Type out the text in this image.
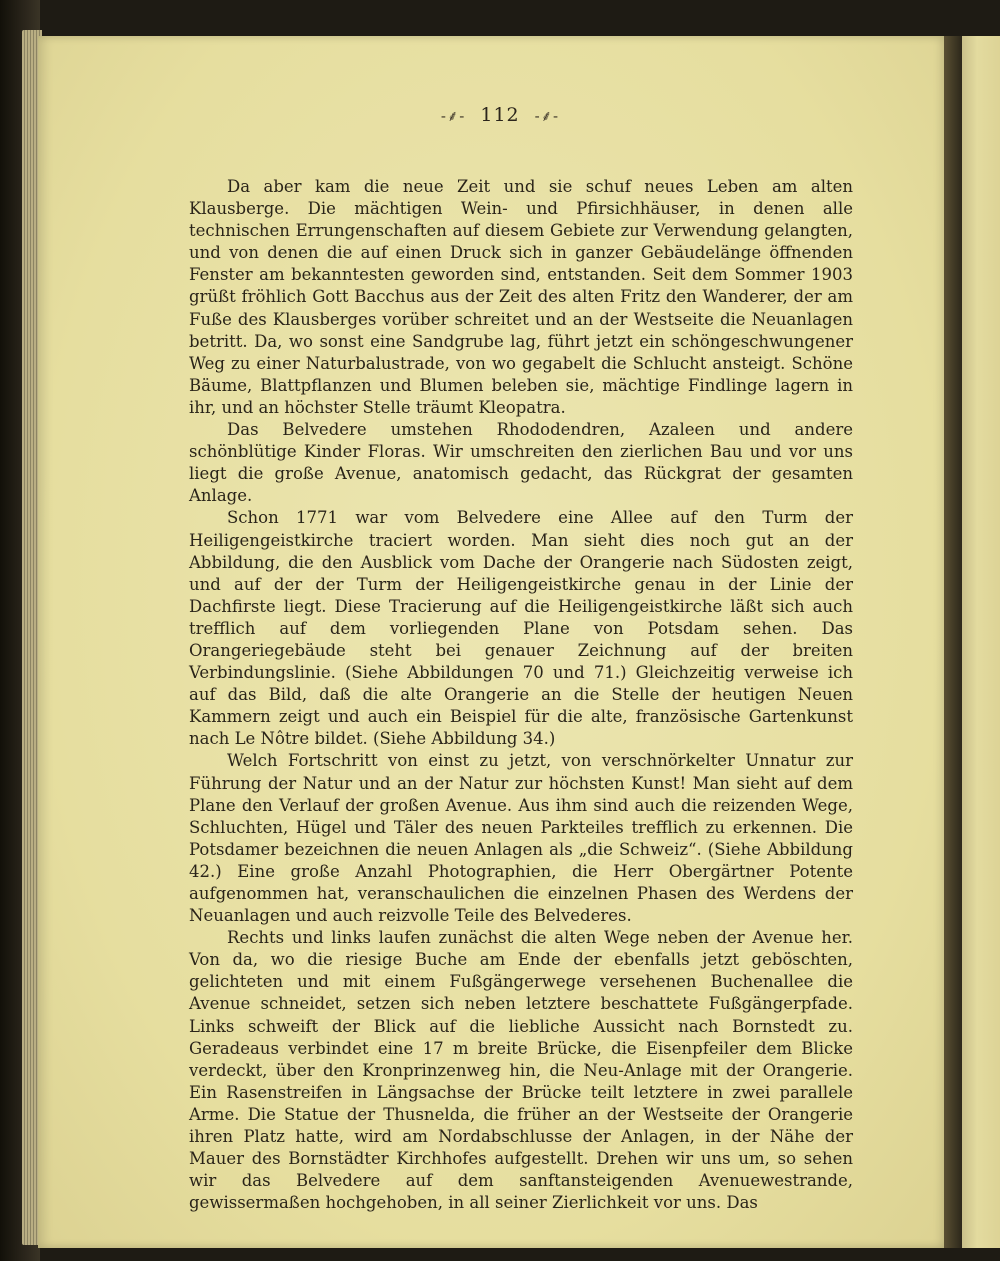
-⸙- 112 -⸙-

Da aber kam die neue Zeit und sie schuf neues Leben am alten Klausberge. Die mächtigen Wein- und Pfirsichhäuser, in denen alle technischen Errungenschaften auf diesem Gebiete zur Verwendung gelangten, und von denen die auf einen Druck sich in ganzer Gebäudelänge öffnenden Fenster am bekanntesten geworden sind, entstanden. Seit dem Sommer 1903 grüßt fröhlich Gott Bacchus aus der Zeit des alten Fritz den Wanderer, der am Fuße des Klausberges vorüber schreitet und an der Westseite die Neuanlagen betritt. Da, wo sonst eine Sandgrube lag, führt jetzt ein schöngeschwungener Weg zu einer Naturbalustrade, von wo gegabelt die Schlucht ansteigt. Schöne Bäume, Blattpflanzen und Blumen beleben sie, mächtige Findlinge lagern in ihr, und an höchster Stelle träumt Kleopatra.

Das Belvedere umstehen Rhododendren, Azaleen und andere schönblütige Kinder Floras. Wir umschreiten den zierlichen Bau und vor uns liegt die große Avenue, anatomisch gedacht, das Rückgrat der gesamten Anlage.

Schon 1771 war vom Belvedere eine Allee auf den Turm der Heiligengeistkirche traciert worden. Man sieht dies noch gut an der Abbildung, die den Ausblick vom Dache der Orangerie nach Südosten zeigt, und auf der der Turm der Heiligengeistkirche genau in der Linie der Dachfirste liegt. Diese Tracierung auf die Heiligengeistkirche läßt sich auch trefflich auf dem vorliegenden Plane von Potsdam sehen. Das Orangeriegebäude steht bei genauer Zeichnung auf der breiten Verbindungslinie. (Siehe Abbildungen 70 und 71.) Gleichzeitig verweise ich auf das Bild, daß die alte Orangerie an die Stelle der heutigen Neuen Kammern zeigt und auch ein Beispiel für die alte, französische Gartenkunst nach Le Nôtre bildet. (Siehe Abbildung 34.)

Welch Fortschritt von einst zu jetzt, von verschnörkelter Unnatur zur Führung der Natur und an der Natur zur höchsten Kunst! Man sieht auf dem Plane den Verlauf der großen Avenue. Aus ihm sind auch die reizenden Wege, Schluchten, Hügel und Täler des neuen Parkteiles trefflich zu erkennen. Die Potsdamer bezeichnen die neuen Anlagen als „die Schweiz“. (Siehe Abbildung 42.) Eine große Anzahl Photographien, die Herr Obergärtner Potente aufgenommen hat, veranschaulichen die einzelnen Phasen des Werdens der Neuanlagen und auch reizvolle Teile des Belvederes.

Rechts und links laufen zunächst die alten Wege neben der Avenue her. Von da, wo die riesige Buche am Ende der ebenfalls jetzt geböschten, gelichteten und mit einem Fußgängerwege versehenen Buchenallee die Avenue schneidet, setzen sich neben letztere beschattete Fußgängerpfade. Links schweift der Blick auf die liebliche Aussicht nach Bornstedt zu. Geradeaus verbindet eine 17 m breite Brücke, die Eisenpfeiler dem Blicke verdeckt, über den Kronprinzenweg hin, die Neu-Anlage mit der Orangerie. Ein Rasenstreifen in Längsachse der Brücke teilt letztere in zwei parallele Arme. Die Statue der Thusnelda, die früher an der Westseite der Orangerie ihren Platz hatte, wird am Nordabschlusse der Anlagen, in der Nähe der Mauer des Bornstädter Kirchhofes aufgestellt. Drehen wir uns um, so sehen wir das Belvedere auf dem sanftansteigenden Avenuewestrande, gewissermaßen hochgehoben, in all seiner Zierlichkeit vor uns. Das
